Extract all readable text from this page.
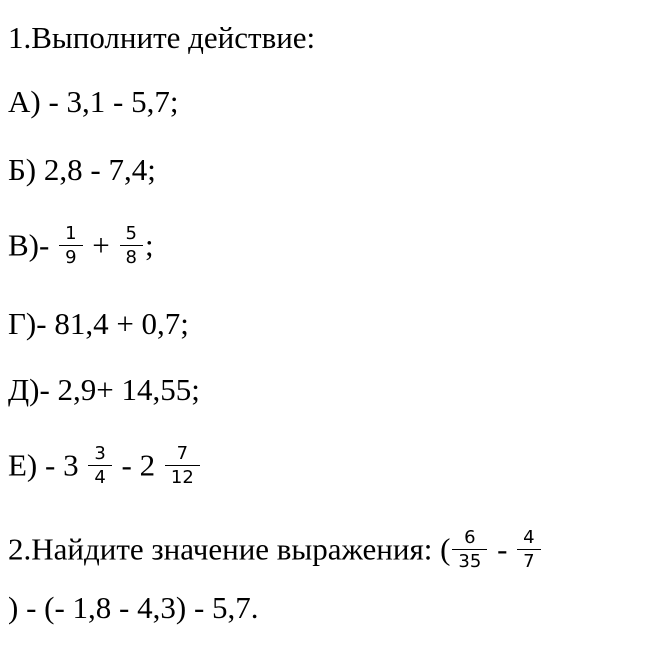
1.Выполните действие:
А) - 3,1 - 5,7;
Б) 2,8 - 7,4;
$В)- \frac{1}{9} + \frac{5}{8}$ ;
Г)- 81,4 + 0,7;
Д)- 2,9+ 14,55;
$Е) - 3 \frac{3}{4} - 2 \frac{7}{12}$
2.Найдите значение выражения: ( $\frac{6}{35} - \frac{4}{7}$
) - (- 1,8 - 4,3) - 5,7.
